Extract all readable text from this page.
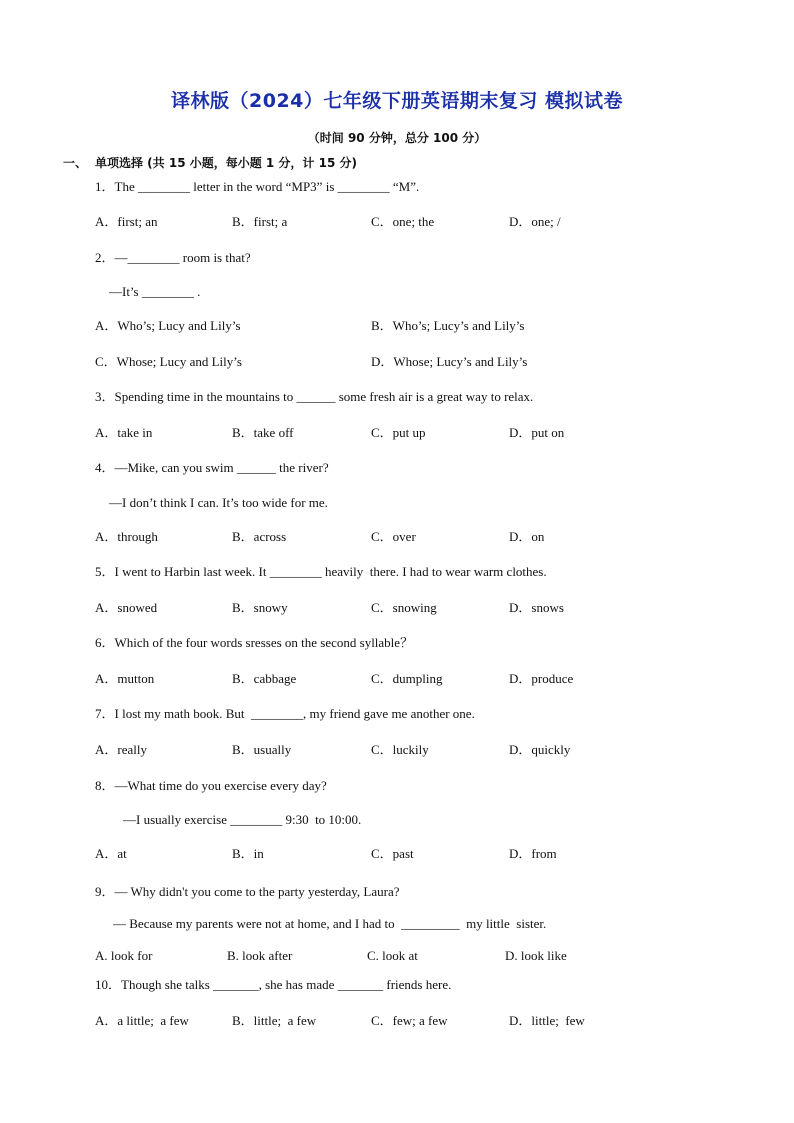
译林版（2024）七年级下册英语期末复习 模拟试卷
（时间 90 分钟，总分 100 分）
一、 单项选择 (共 15 小题，每小题 1 分，计 15 分)
1．The ________ letter in the word “MP3” is ________ “M”.
A．first; an	B．first; a	C．one; the	D．one; /
2．—________ room is that?
—It’s ________ .
A．Who’s; Lucy and Lily’s	B．Who’s; Lucy’s and Lily’s
C．Whose; Lucy and Lily’s	D．Whose; Lucy’s and Lily’s
3．Spending time in the mountains to ______ some fresh air is a great way to relax.
A．take in	B．take off	C．put up	D．put on
4．—Mike, can you swim ______ the river?
—I don’t think I can. It’s too wide for me.
A．through	B．across	C．over	D．on
5．I went to Harbin last week. It ________ heavily  there. I had to wear warm clothes.
A．snowed	B．snowy	C．snowing	D．snows
6．Which of the four words sresses on the second syllable？
A．mutton	B．cabbage	C．dumpling	D．produce
7．I lost my math book. But  ________, my friend gave me another one.
A．really	B．usually	C．luckily	D．quickly
8．—What time do you exercise every day?
—I usually exercise ________ 9:30  to 10:00.
A．at	B．in	C．past	D．from
9．— Why didn't you come to the party yesterday, Laura?
— Because my parents were not at home, and I had to  _________  my little  sister.
A. look for	B. look after	C. look at	D. look like
10．Though she talks _______, she has made _______ friends here.
A．a little;  a few	B．little;  a few	C．few; a few	D．little;  few
